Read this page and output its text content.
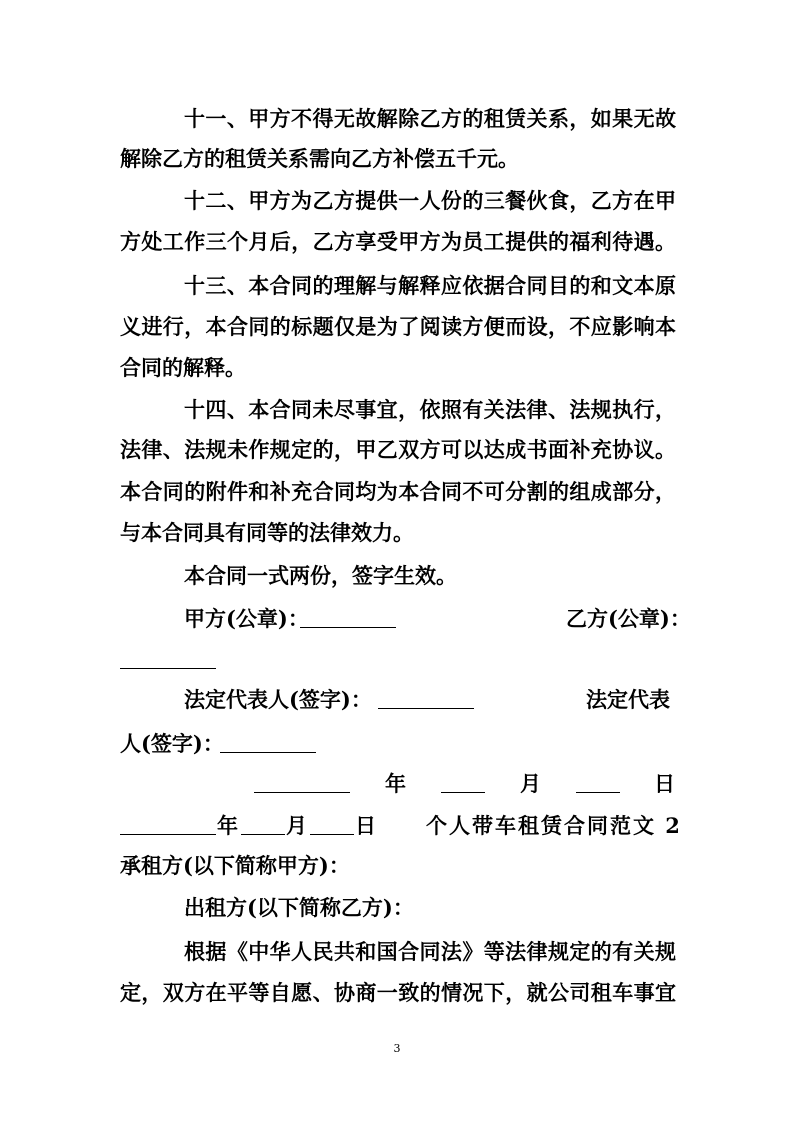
十一、甲方不得无故解除乙方的租赁关系，如果无故
解除乙方的租赁关系需向乙方补偿五千元。
十二、甲方为乙方提供一人份的三餐伙食，乙方在甲
方处工作三个月后，乙方享受甲方为员工提供的福利待遇。
十三、本合同的理解与解释应依据合同目的和文本原
义进行，本合同的标题仅是为了阅读方便而设，不应影响本
合同的解释。
十四、本合同未尽事宜，依照有关法律、法规执行，
法律、法规未作规定的，甲乙双方可以达成书面补充协议。
本合同的附件和补充合同均为本合同不可分割的组成部分，
与本合同具有同等的法律效力。
本合同一式两份，签字生效。
甲方(公章)：	乙方(公章)：
法定代表人(签字)：	法定代表
人(签字)：
年	月	日
年 月 日 个人带车租赁合同范文 2
承租方(以下简称甲方)：
出租方(以下简称乙方)：
根据《中华人民共和国合同法》等法律规定的有关规
定，双方在平等自愿、协商一致的情况下，就公司租车事宜
3
